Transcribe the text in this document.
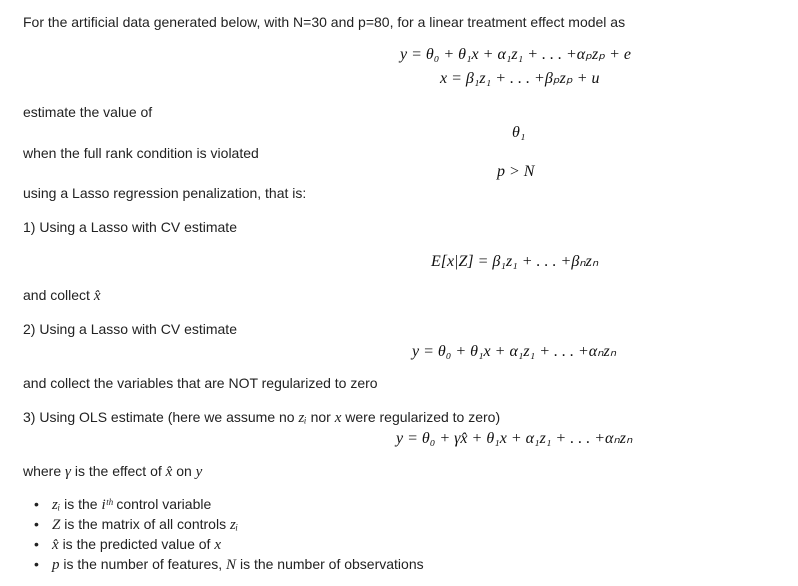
For the artificial data generated below, with N=30 and p=80, for a linear treatment effect model as
y = θ₀ + θ₁x + α₁z₁ + . . . +αₚzₚ + e
x = β₁z₁ + . . . +βₚzₚ + u
estimate the value of
θ₁
when the full rank condition is violated
p > N
using a Lasso regression penalization, that is:
1) Using a Lasso with CV estimate
E[x|Z] = β₁z₁ + . . . +βₙzₙ
and collect x̂
2) Using a Lasso with CV estimate
y = θ₀ + θ₁x + α₁z₁ + . . . +αₙzₙ
and collect the variables that are NOT regularized to zero
3) Using OLS estimate (here we assume no zᵢ nor x were regularized to zero)
y = θ₀ + γx̂ + θ₁x + α₁z₁ + . . . +αₙzₙ
where γ is the effect of x̂ on y
• zᵢ is the iᵗʰ control variable
• Z is the matrix of all controls zᵢ
• x̂ is the predicted value of x
• p is the number of features, N is the number of observations
